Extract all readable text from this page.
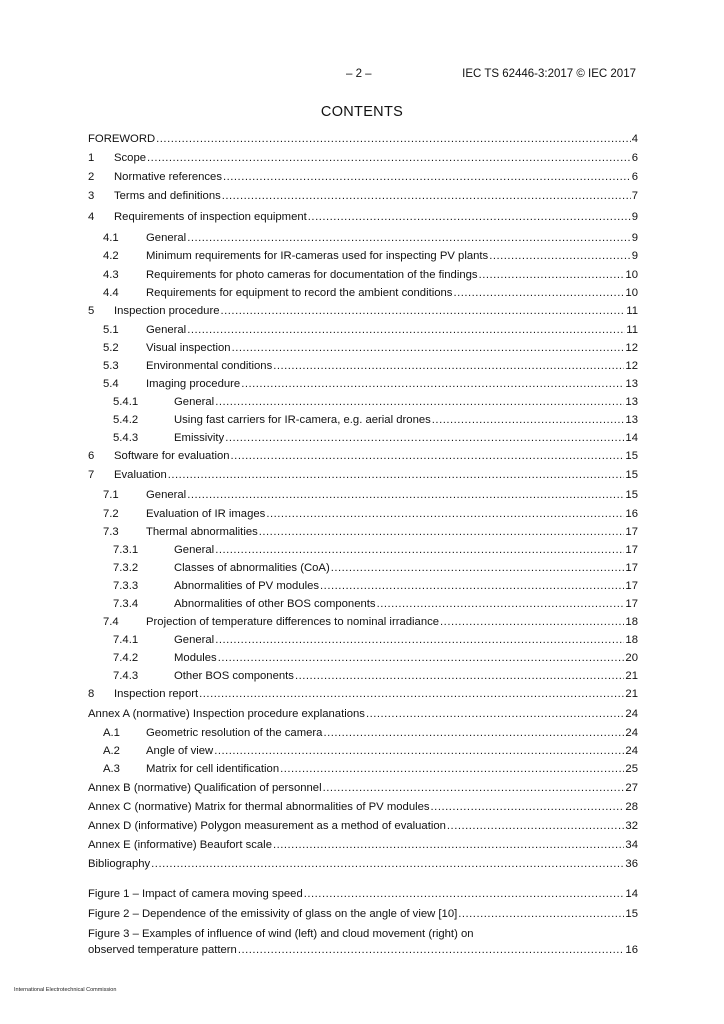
– 2 –	IEC TS 62446-3:2017 © IEC 2017
CONTENTS
FOREWORD .....	4
1 Scope .....	6
2 Normative references .....	6
3 Terms and definitions .....	7
4 Requirements of inspection equipment .....	9
4.1 General .....	9
4.2 Minimum requirements for IR-cameras used for inspecting PV plants .....	9
4.3 Requirements for photo cameras for documentation of the findings .....	10
4.4 Requirements for equipment to record the ambient conditions .....	10
5 Inspection procedure .....	11
5.1 General .....	11
5.2 Visual inspection .....	12
5.3 Environmental conditions .....	12
5.4 Imaging procedure .....	13
5.4.1	General .....	13
5.4.2	Using fast carriers for IR-camera, e.g. aerial drones .....	13
5.4.3	Emissivity .....	14
6 Software for evaluation .....	15
7 Evaluation .....	15
7.1 General .....	15
7.2 Evaluation of IR images .....	16
7.3 Thermal abnormalities .....	17
7.3.1	General .....	17
7.3.2	Classes of abnormalities (CoA) .....	17
7.3.3	Abnormalities of PV modules .....	17
7.3.4	Abnormalities of other BOS components .....	17
7.4 Projection of temperature differences to nominal irradiance .....	18
7.4.1	General .....	18
7.4.2	Modules .....	20
7.4.3	Other BOS components .....	21
8 Inspection report .....	21
Annex A (normative) Inspection procedure explanations .....	24
A.1 Geometric resolution of the camera .....	24
A.2 Angle of view .....	24
A.3 Matrix for cell identification .....	25
Annex B (normative) Qualification of personnel .....	27
Annex C (normative) Matrix for thermal abnormalities of PV modules .....	28
Annex D (informative) Polygon measurement as a method of evaluation .....	32
Annex E (informative) Beaufort scale .....	34
Bibliography .....	36
Figure 1 – Impact of camera moving speed .....	14
Figure 2 – Dependence of the emissivity of glass on the angle of view [10] .....	15
Figure 3 – Examples of influence of wind (left) and cloud movement (right) on
observed temperature pattern .....	16
International Electrotechnical Commission
